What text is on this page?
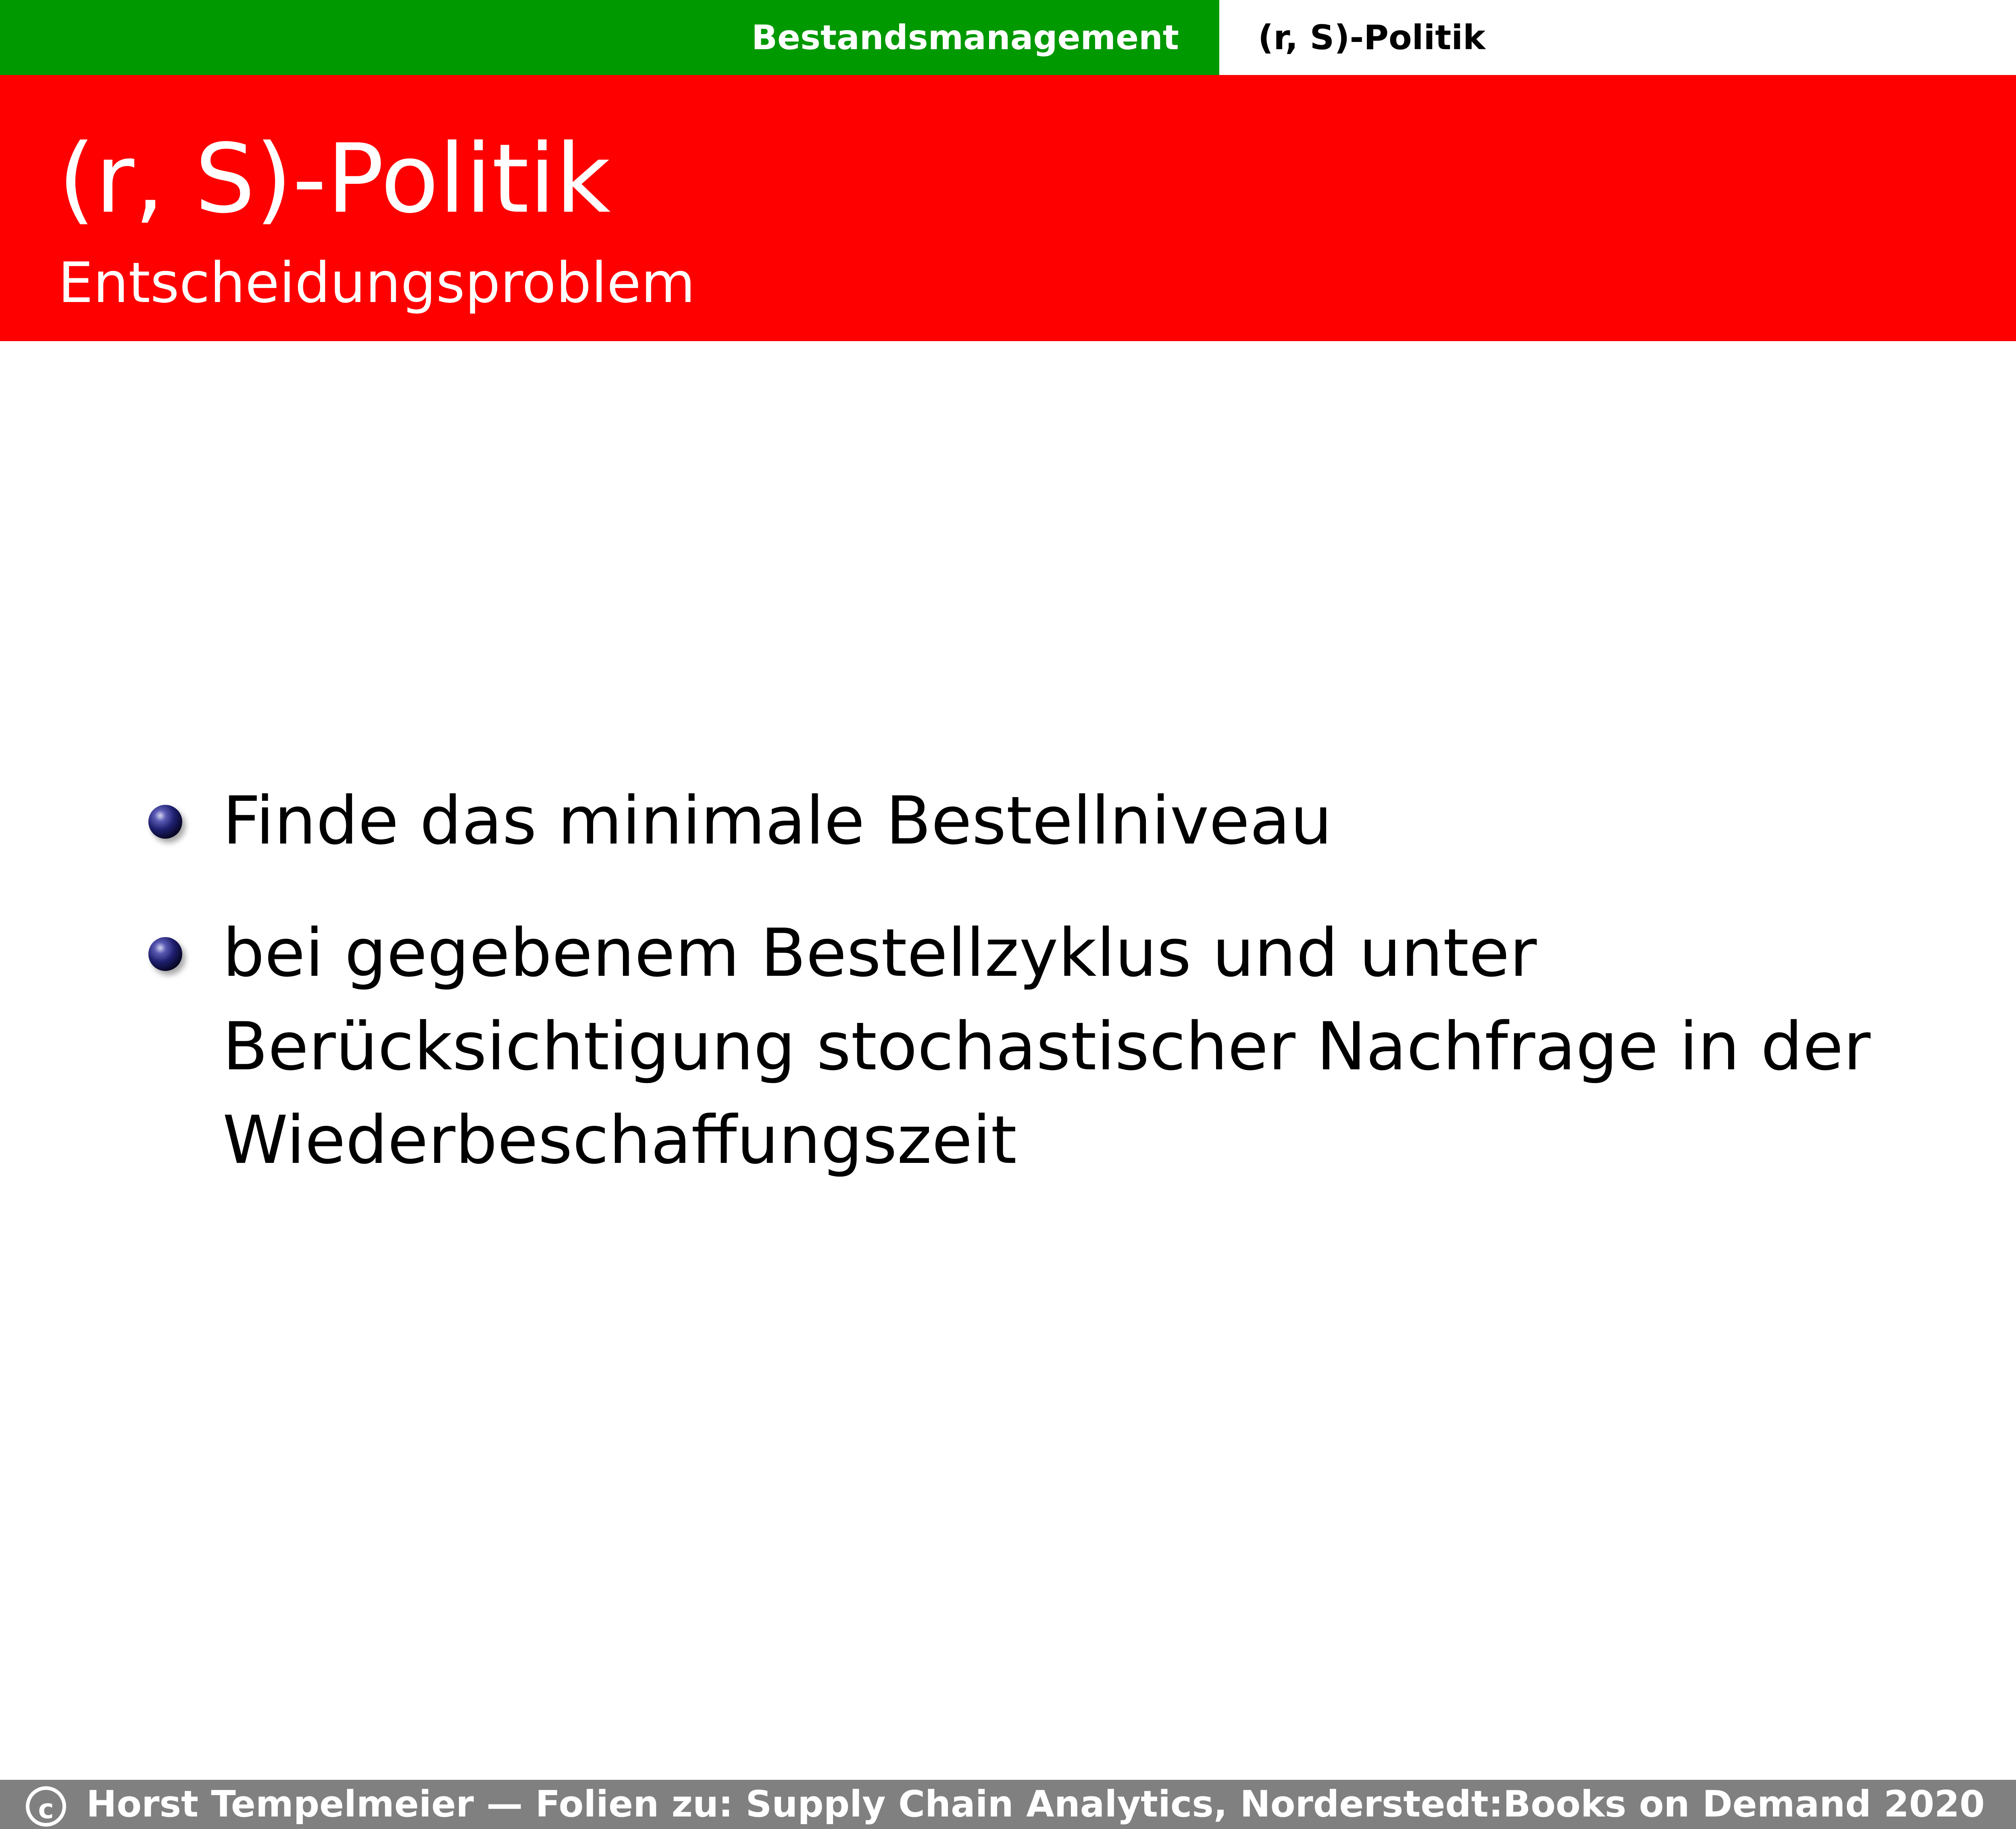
Bestandsmanagement (r, S)-Politik
(r, S)-Politik
Entscheidungsproblem
Finde das minimale Bestellniveau
bei gegebenem Bestellzyklus und unter
Berücksichtigung stochastischer Nachfrage in der
Wiederbeschaffungszeit
c Horst Tempelmeier — Folien zu: Supply Chain Analytics, Norderstedt:Books on Demand 2020
